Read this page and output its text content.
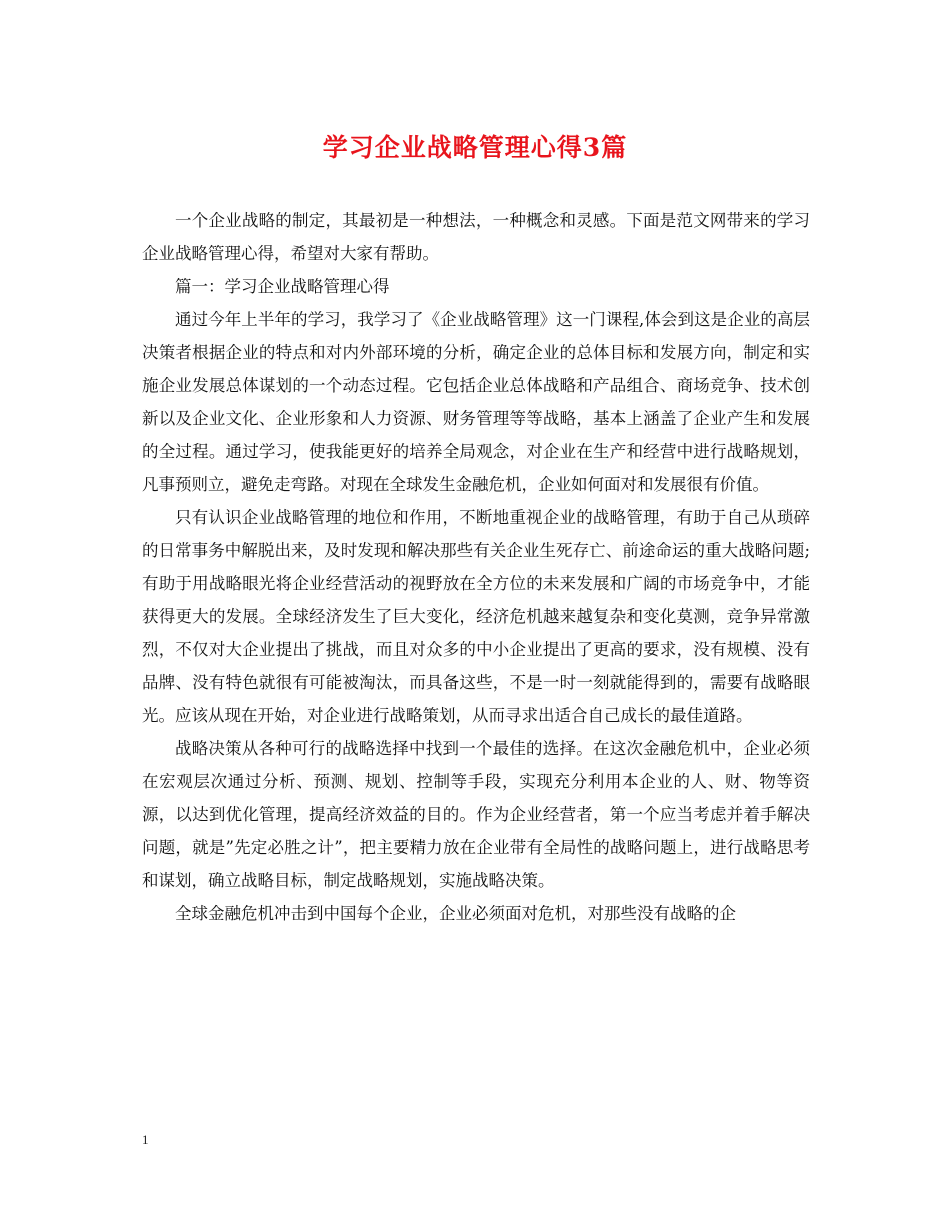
学习企业战略管理心得3篇

一个企业战略的制定，其最初是一种想法，一种概念和灵感。下面是范文网带来的学习企业战略管理心得，希望对大家有帮助。

篇一：学习企业战略管理心得

通过今年上半年的学习，我学习了《企业战略管理》这一门课程,体会到这是企业的高层决策者根据企业的特点和对内外部环境的分析，确定企业的总体目标和发展方向，制定和实施企业发展总体谋划的一个动态过程。它包括企业总体战略和产品组合、商场竞争、技术创新以及企业文化、企业形象和人力资源、财务管理等等战略，基本上涵盖了企业产生和发展的全过程。通过学习，使我能更好的培养全局观念，对企业在生产和经营中进行战略规划，凡事预则立，避免走弯路。对现在全球发生金融危机，企业如何面对和发展很有价值。

只有认识企业战略管理的地位和作用，不断地重视企业的战略管理，有助于自己从琐碎的日常事务中解脱出来，及时发现和解决那些有关企业生死存亡、前途命运的重大战略问题;有助于用战略眼光将企业经营活动的视野放在全方位的未来发展和广阔的市场竞争中，才能获得更大的发展。全球经济发生了巨大变化，经济危机越来越复杂和变化莫测，竞争异常激烈，不仅对大企业提出了挑战，而且对众多的中小企业提出了更高的要求，没有规模、没有品牌、没有特色就很有可能被淘汰，而具备这些，不是一时一刻就能得到的，需要有战略眼光。应该从现在开始，对企业进行战略策划，从而寻求出适合自己成长的最佳道路。

战略决策从各种可行的战略选择中找到一个最佳的选择。在这次金融危机中，企业必须在宏观层次通过分析、预测、规划、控制等手段，实现充分利用本企业的人、财、物等资源，以达到优化管理，提高经济效益的目的。作为企业经营者，第一个应当考虑并着手解决问题，就是”先定必胜之计”，把主要精力放在企业带有全局性的战略问题上，进行战略思考和谋划，确立战略目标，制定战略规划，实施战略决策。

全球金融危机冲击到中国每个企业，企业必须面对危机，对那些没有战略的企

1
